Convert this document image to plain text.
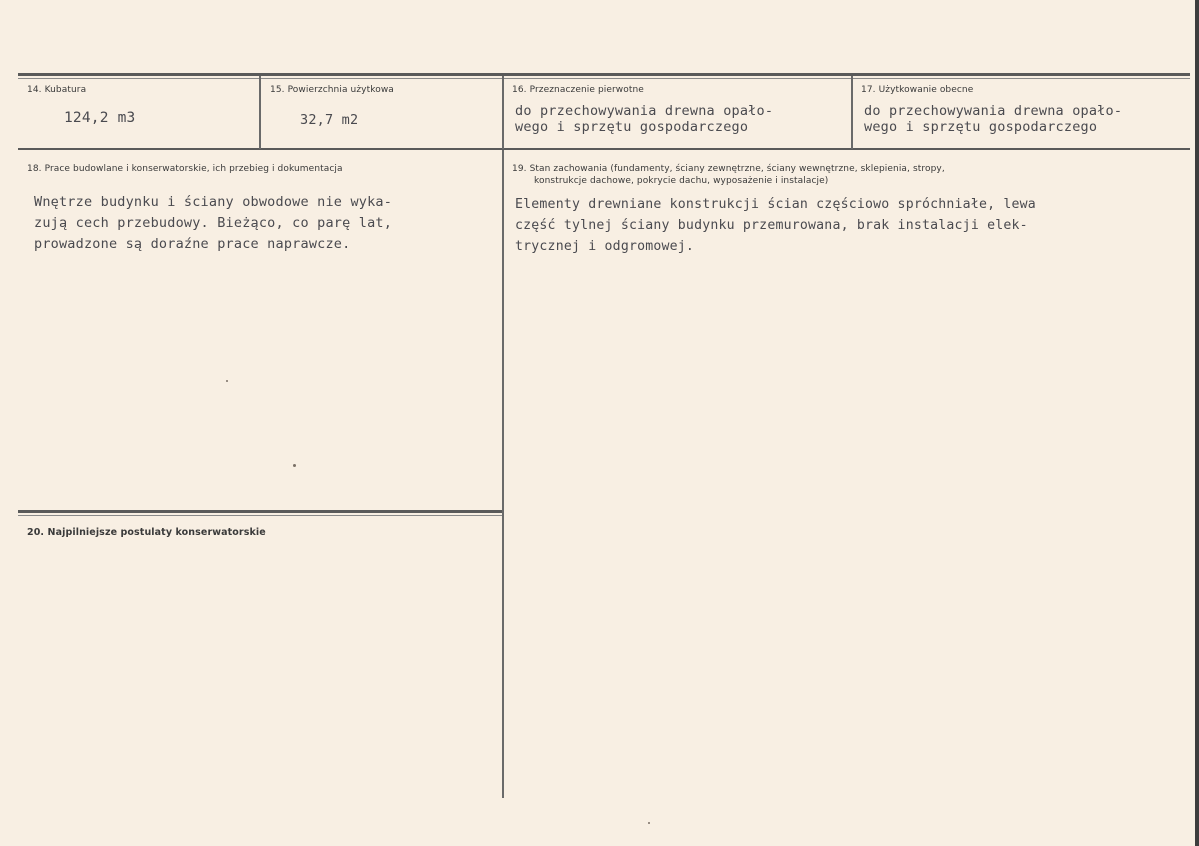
14. Kubatura
124,2 m3
15. Powierzchnia użytkowa
32,7 m2
16. Przeznaczenie pierwotne
do przechowywania drewna opało-
wego i sprzętu gospodarczego
17. Użytkowanie obecne
do przechowywania drewna opało-
wego i sprzętu gospodarczego
18. Prace budowlane i konserwatorskie, ich przebieg i dokumentacja
Wnętrze budynku i ściany obwodowe nie wyka-
zują cech przebudowy. Bieżąco, co parę lat,
prowadzone są doraźne prace naprawcze.
19. Stan zachowania (fundamenty, ściany zewnętrzne, ściany wewnętrzne, sklepienia, stropy,
konstrukcje dachowe, pokrycie dachu, wyposażenie i instalacje)
Elementy drewniane konstrukcji ścian częściowo spróchniałe, lewa
część tylnej ściany budynku przemurowana, brak instalacji elek-
trycznej i odgromowej.
20. Najpilniejsze postulaty konserwatorskie
